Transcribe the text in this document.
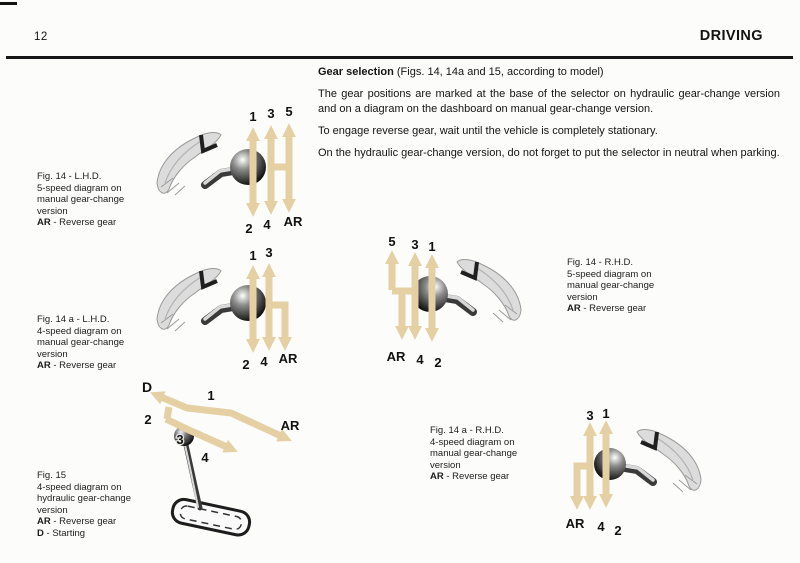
12	DRIVING
Gear selection (Figs. 14, 14a and 15, according to model)

The gear positions are marked at the base of the selector on hydraulic gear-change version and on a diagram on the dashboard on manual gear-change version.

To engage reverse gear, wait until the vehicle is completely stationary.

On the hydraulic gear-change version, do not forget to put the selector in neutral when parking.

1 3 5
2 4 AR
Fig. 14 - L.H.D.
5-speed diagram on
manual gear-change
version
AR - Reverse gear
1 3
2 4 AR
Fig. 14 a - L.H.D.
4-speed diagram on
manual gear-change
version
AR - Reverse gear
5 3 1
AR 4 2
Fig. 14 - R.H.D.
5-speed diagram on
manual gear-change
version
AR - Reverse gear
D
1
2
3
4
AR
Fig. 15
4-speed diagram on
hydraulic gear-change
version
AR - Reverse gear
D - Starting
3 1
AR 4 2
Fig. 14 a - R.H.D.
4-speed diagram on
manual gear-change
version
AR - Reverse gear
